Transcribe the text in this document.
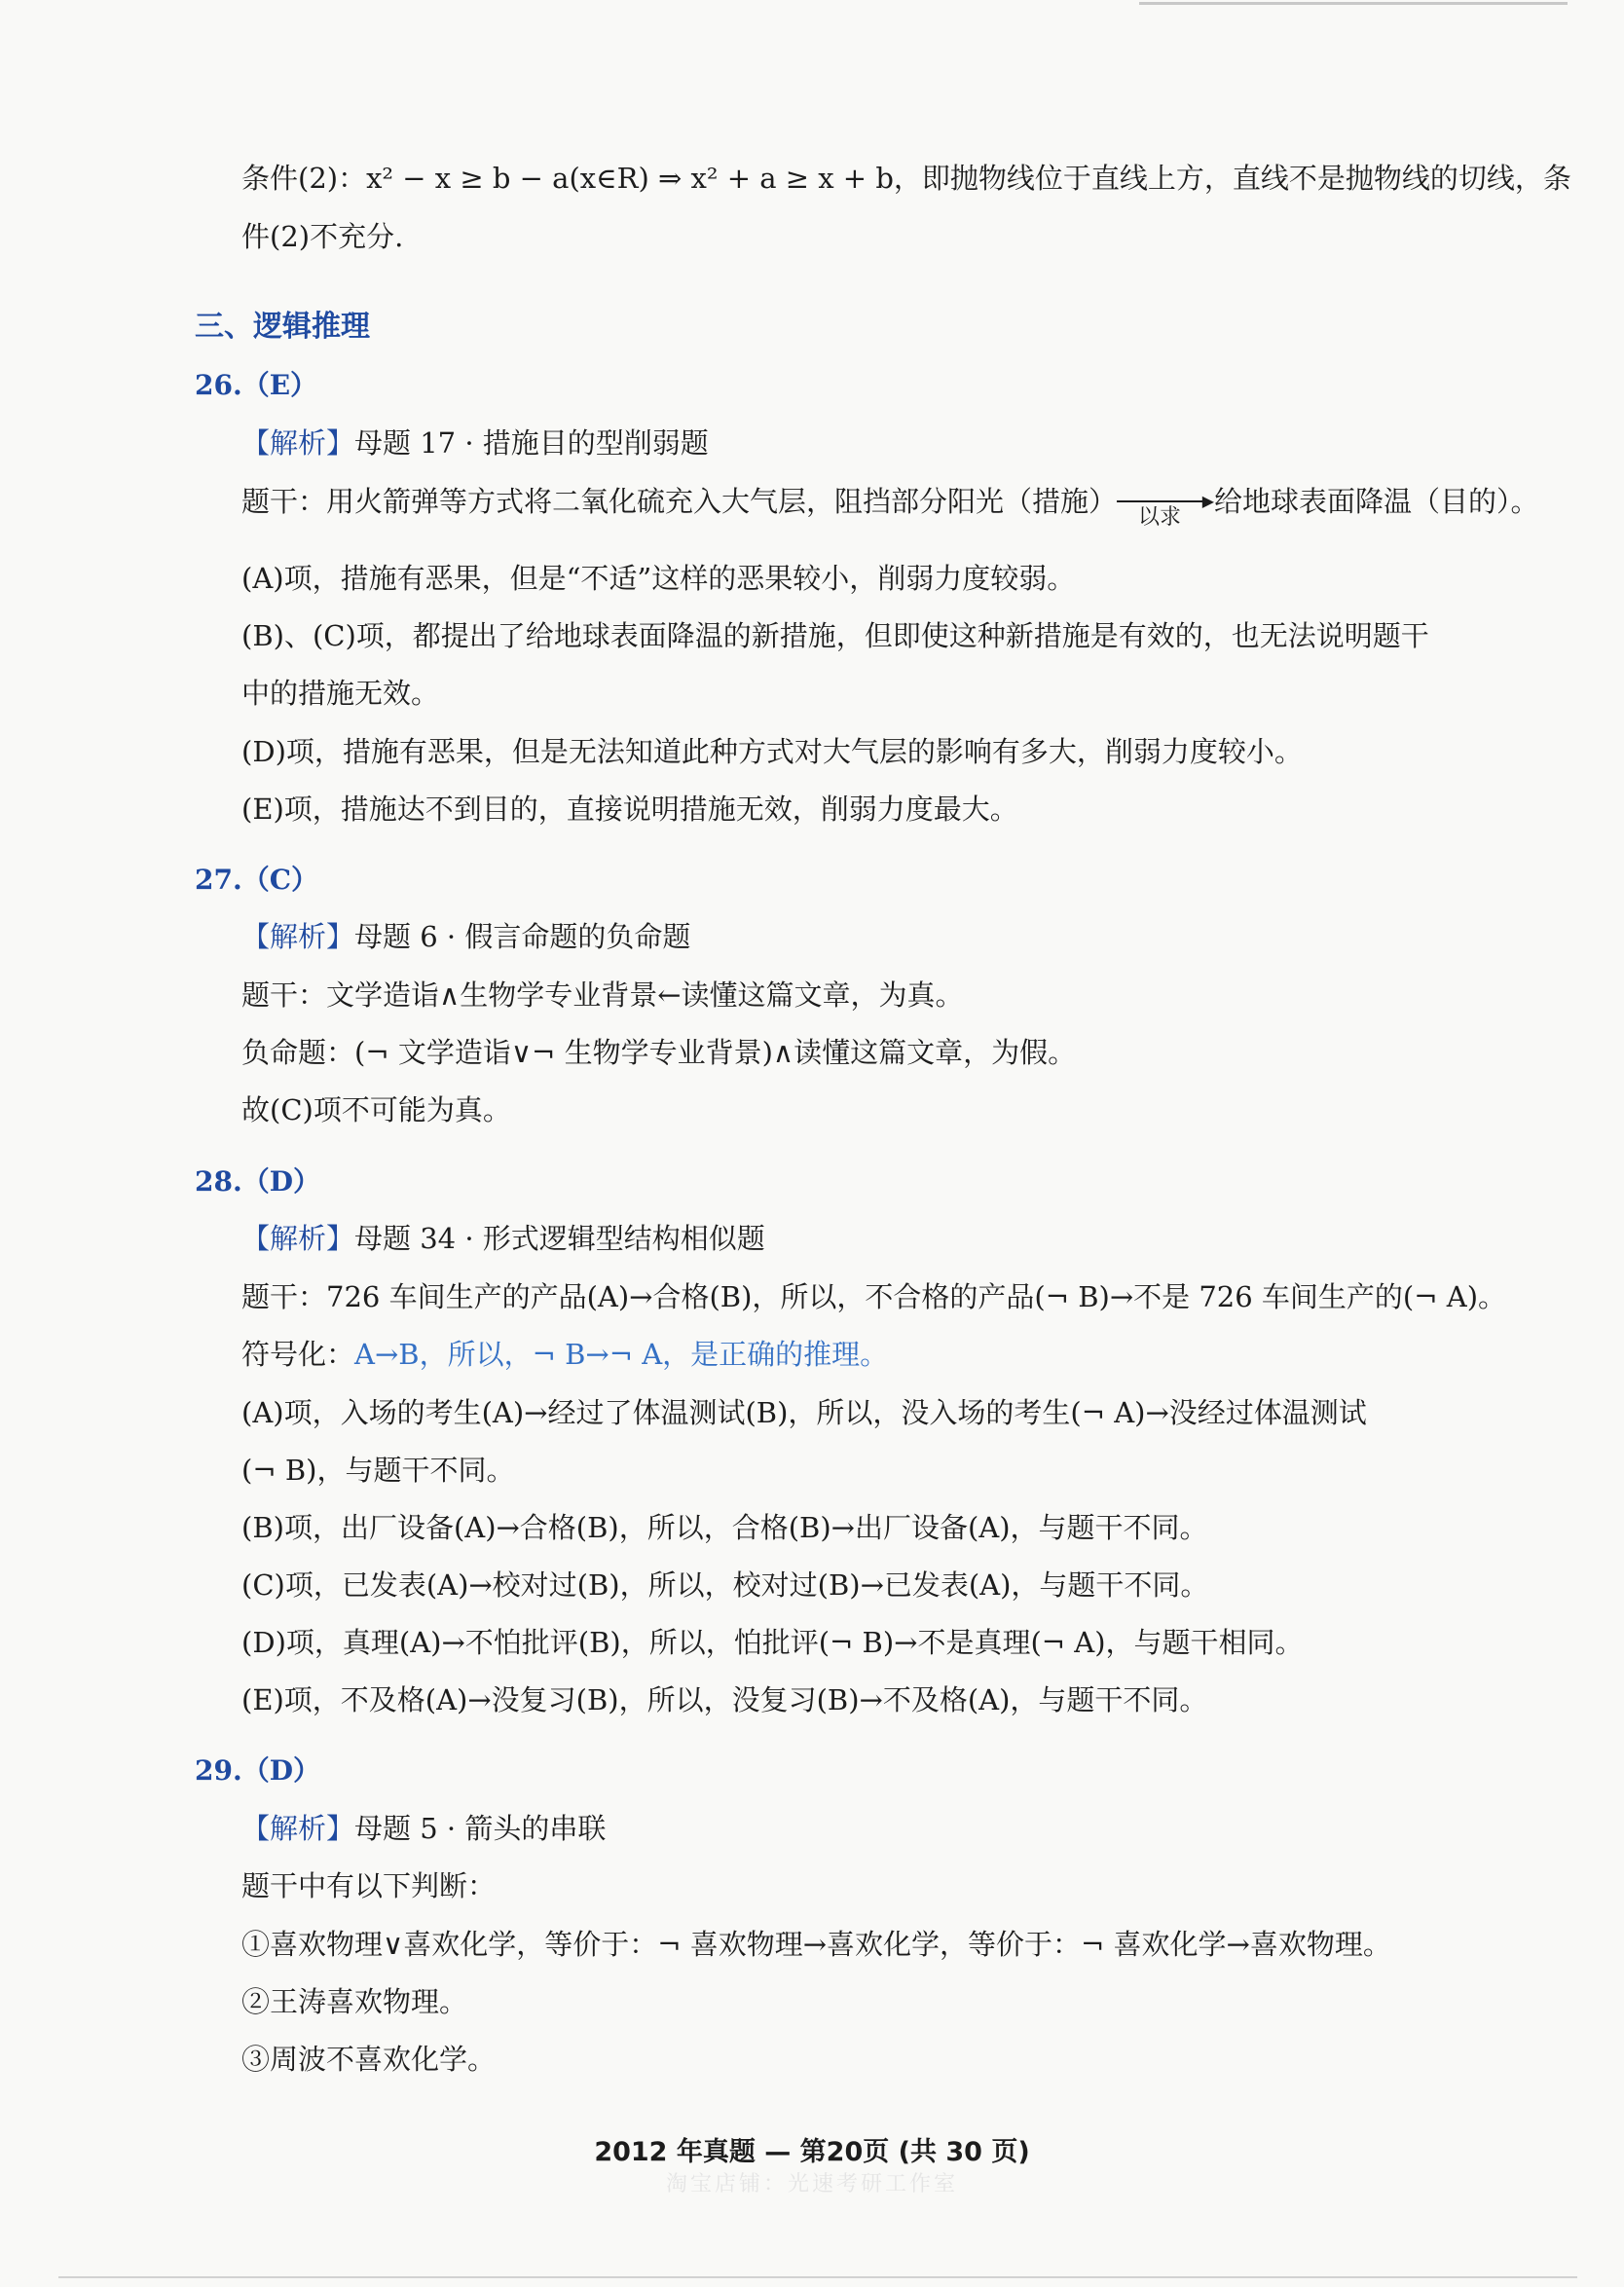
条件(2)：x² − x ≥ b − a(x∈R) ⇒ x² + a ≥ x + b，即抛物线位于直线上方，直线不是抛物线的切线，条
件(2)不充分.
三、逻辑推理
26.（E）
【解析】母题 17 · 措施目的型削弱题
题干：用火箭弹等方式将二氧化硫充入大气层，阻挡部分阳光（措施）	▶
以求 给地球表面降温（目的）。
(A)项，措施有恶果，但是“不适”这样的恶果较小，削弱力度较弱。
(B)、(C)项，都提出了给地球表面降温的新措施，但即使这种新措施是有效的，也无法说明题干
中的措施无效。
(D)项，措施有恶果，但是无法知道此种方式对大气层的影响有多大，削弱力度较小。
(E)项，措施达不到目的，直接说明措施无效，削弱力度最大。
27.（C）
【解析】母题 6 · 假言命题的负命题
题干：文学造诣∧生物学专业背景←读懂这篇文章，为真。
负命题：(¬ 文学造诣∨¬ 生物学专业背景)∧读懂这篇文章，为假。
故(C)项不可能为真。
28.（D）
【解析】母题 34 · 形式逻辑型结构相似题
题干：726 车间生产的产品(A)→合格(B)，所以，不合格的产品(¬ B)→不是 726 车间生产的(¬ A)。
符号化：A→B，所以，¬ B→¬ A，是正确的推理。
(A)项，入场的考生(A)→经过了体温测试(B)，所以，没入场的考生(¬ A)→没经过体温测试
(¬ B)，与题干不同。
(B)项，出厂设备(A)→合格(B)，所以，合格(B)→出厂设备(A)，与题干不同。
(C)项，已发表(A)→校对过(B)，所以，校对过(B)→已发表(A)，与题干不同。
(D)项，真理(A)→不怕批评(B)，所以，怕批评(¬ B)→不是真理(¬ A)，与题干相同。
(E)项，不及格(A)→没复习(B)，所以，没复习(B)→不及格(A)，与题干不同。
29.（D）
【解析】母题 5 · 箭头的串联
题干中有以下判断：
①喜欢物理∨喜欢化学，等价于：¬ 喜欢物理→喜欢化学，等价于：¬ 喜欢化学→喜欢物理。
②王涛喜欢物理。
③周波不喜欢化学。
2012 年真题 — 第20页 (共 30 页)
淘宝店铺：光速考研工作室
